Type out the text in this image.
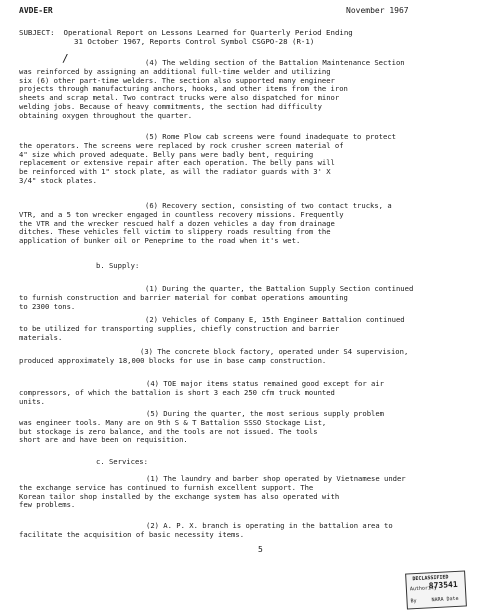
AVDE-ER	November 1967
SUBJECT: Operational Report on Lessons Learned for Quarterly Period Ending
31 October 1967, Reports Control Symbol CSGPO-28 (R-1)
/	(4) The welding section of the Battalion Maintenance Section
was reinforced by assigning an additional full-time welder and utilizing
six (6) other part-time welders. The section also supported many engineer
projects through manufacturing anchors, hooks, and other items from the iron
sheets and scrap metal. Two contract trucks were also dispatched for minor
welding jobs. Because of heavy commitments, the section had difficulty
obtaining oxygen throughout the quarter.
(5) Rome Plow cab screens were found inadequate to protect
the operators. The screens were replaced by rock crusher screen material of
4" size which proved adequate. Belly pans were badly bent, requiring
replacement or extensive repair after each operation. The belly pans will
be reinforced with 1" stock plate, as will the radiator guards with 3' X
3/4" stock plates.
(6) Recovery section, consisting of two contact trucks, a
VTR, and a 5 ton wrecker engaged in countless recovery missions. Frequently
the VTR and the wrecker rescued half a dozen vehicles a day from drainage
ditches. These vehicles fell victim to slippery roads resulting from the
application of bunker oil or Peneprime to the road when it's wet.
b. Supply:
(1) During the quarter, the Battalion Supply Section continued
to furnish construction and barrier material for combat operations amounting
to 2300 tons.
(2) Vehicles of Company E, 15th Engineer Battalion continued
to be utilized for transporting supplies, chiefly construction and barrier
materials.
(3) The concrete block factory, operated under S4 supervision,
produced approximately 18,000 blocks for use in base camp construction.
(4) TOE major items status remained good except for air
compressors, of which the battalion is short 3 each 250 cfm truck mounted
units.
(5) During the quarter, the most serious supply problem
was engineer tools. Many are on 9th S & T Battalion SSSO Stockage List,
but stockage is zero balance, and the tools are not issued. The tools
short are and have been on requisition.
c. Services:
(1) The laundry and barber shop operated by Vietnamese under
the exchange service has continued to furnish excellent support. The
Korean tailor shop installed by the exchange system has also operated with
few problems.
(2) A. P. X. branch is operating in the battalion area to
facilitate the acquisition of basic necessity items.
5
DECLASSIFIED
Authority
873541
By	NARA Date
